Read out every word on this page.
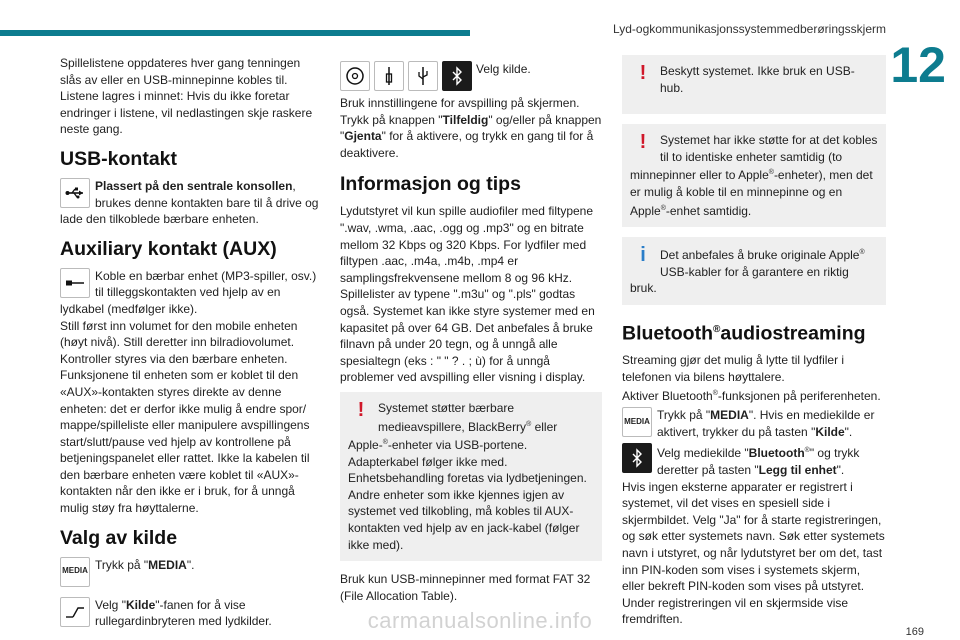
Lyd-ogkommunikasjonssystemmedberøringsskjerm
12

Spillelistene oppdateres hver gang tenningen slås av eller en USB-minnepinne kobles til. Listene lagres i minnet: Hvis du ikke foretar endringer i listene, vil nedlastingen skje raskere neste gang.

USB-kontakt
Plassert på den sentrale konsollen, brukes denne kontakten bare til å drive og lade den tilkoblede bærbare enheten.
Auxiliary kontakt (AUX)
Koble en bærbar enhet (MP3-spiller, osv.) til tilleggskontakten ved hjelp av en lydkabel (medfølger ikke).

Still først inn volumet for den mobile enheten (høyt nivå). Still deretter inn bilradiovolumet. Kontroller styres via den bærbare enheten. Funksjonene til enheten som er koblet til den «AUX»-kontakten styres direkte av denne enheten: det er derfor ikke mulig å endre spor/ mappe/spilleliste eller manipulere avspillingens start/slutt/pause ved hjelp av kontrollene på betjeningspanelet eller rattet. Ikke la kabelen til den bærbare enheten være koblet til «AUX»-kontakten når den ikke er i bruk, for å unngå mulig støy fra høyttalerne.

Valg av kilde
MEDIA Trykk på "MEDIA".
Velg "Kilde"-fanen for å vise rullegardinbryteren med lydkilder.
Velg kilde.

Bruk innstillingene for avspilling på skjermen. Trykk på knappen "Tilfeldig" og/eller på knappen "Gjenta" for å aktivere, og trykk en gang til for å deaktivere.

Informasjon og tips

Lydutstyret vil kun spille audiofiler med filtypene ".wav, .wma, .aac, .ogg og .mp3" og en bitrate mellom 32 Kbps og 320 Kbps. For lydfiler med filtypen .aac, .m4a, .m4b, .mp4 er samplingsfrekvensene mellom 8 og 96 kHz. Spillelister av typene ".m3u" og ".pls" godtas også. Systemet kan ikke styre systemer med en kapasitet på over 64 GB. Det anbefales å bruke filnavn på under 20 tegn, og å unngå alle spesialtegn (eks : " " ? . ; ù) for å unngå problemer ved avspilling eller visning i display.

!	Systemet støtter bærbare medieavspillere, BlackBerry® eller Apple-®-enheter via USB-portene. Adapterkabel følger ikke med. Enhetsbehandling foretas via lydbetjeningen. Andre enheter som ikke kjennes igjen av systemet ved tilkobling, må kobles til AUX-kontakten ved hjelp av en jack-kabel (følger ikke med).

Bruk kun USB-minnepinner med format FAT 32 (File Allocation Table).

!	Beskytt systemet. Ikke bruk en USB-hub.
!	Systemet har ikke støtte for at det kobles til to identiske enheter samtidig (to minnepinner eller to Apple®-enheter), men det er mulig å koble til en minnepinne og en Apple®-enhet samtidig.
i	Det anbefales å bruke originale Apple®
USB-kabler for å garantere en riktig bruk.
Bluetooth®audiostreaming

Streaming gjør det mulig å lytte til lydfiler i telefonen via bilens høyttalere.

Aktiver Bluetooth®-funksjonen på periferenheten.

MEDIA Trykk på "MEDIA". Hvis en mediekilde er aktivert, trykker du på tasten "Kilde".
Velg mediekilde "Bluetooth®" og trykk deretter på tasten "Legg til enhet".

Hvis ingen eksterne apparater er registrert i systemet, vil det vises en spesiell side i skjermbildet. Velg "Ja" for å starte registreringen, og søk etter systemets navn. Søk etter systemets navn i utstyret, og når lydutstyret ber om det, tast inn PIN-koden som vises i systemets skjerm, eller bekreft PIN-koden som vises på utstyret. Under registreringen vil en skjermside vise fremdriften.

carmanualsonline.info	169
